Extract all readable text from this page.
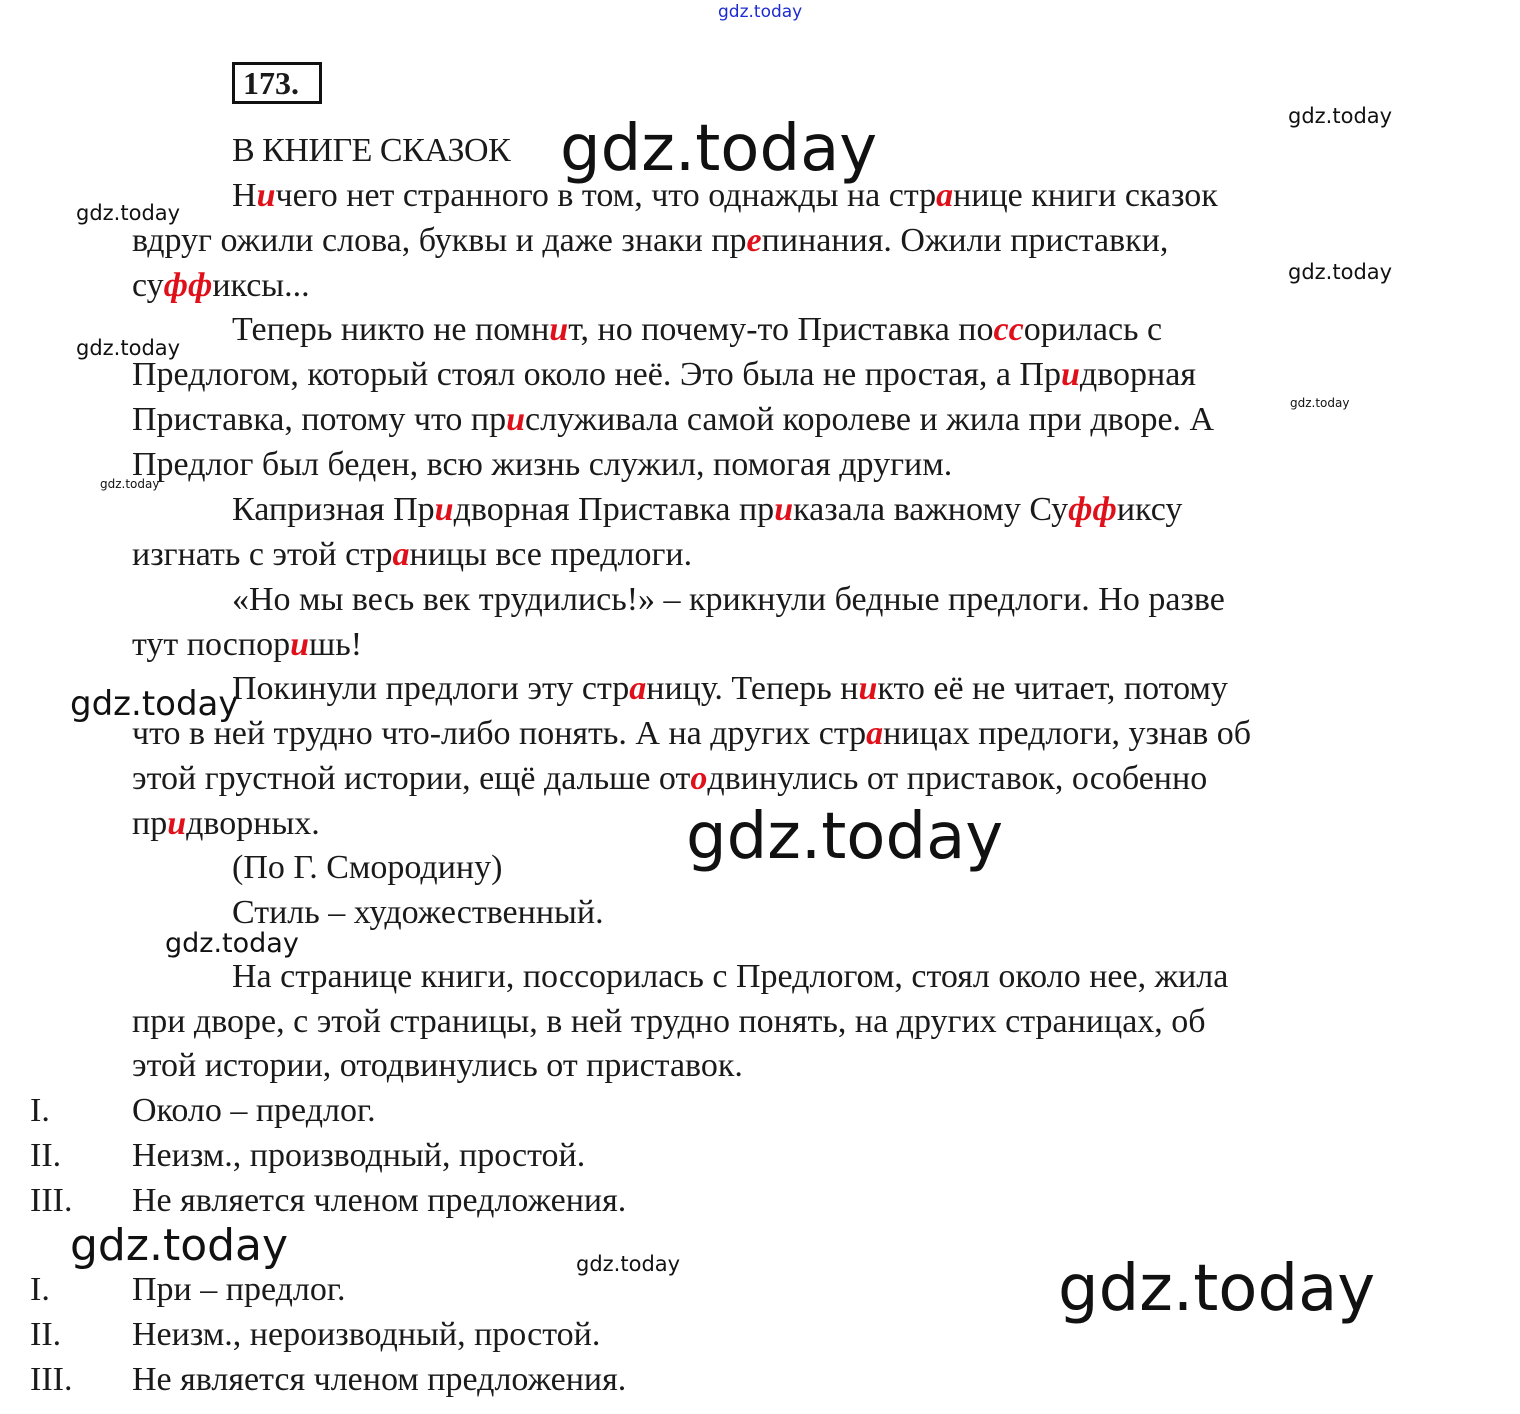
gdz.today
gdz.today
gdz.today
gdz.today
gdz.today
gdz.today
gdz.today
gdz.today
gdz.today
gdz.today
gdz.today
gdz.today	gdz.today	gdz.today
173.
В КНИГЕ СКАЗОК
Ничего нет странного в том, что однажды на странице книги сказок
вдруг ожили слова, буквы и даже знаки препинания. Ожили приставки,
суффиксы...
Теперь никто не помнит, но почему-то Приставка поссорилась с
Предлогом, который стоял около неё. Это была не простая, а Придворная
Приставка, потому что прислуживала самой королеве и жила при дворе. А
Предлог был беден, всю жизнь служил, помогая другим.
Капризная Придворная Приставка приказала важному Суффиксу
изгнать с этой страницы все предлоги.
«Но мы весь век трудились!» – крикнули бедные предлоги. Но разве
тут поспоришь!
Покинули предлоги эту страницу. Теперь никто её не читает, потому
что в ней трудно что-либо понять. А на других страницах предлоги, узнав об
этой грустной истории, ещё дальше отодвинулись от приставок, особенно
придворных.
(По Г. Смородину)
Стиль – художественный.
На странице книги, поссорилась с Предлогом, стоял около нее, жила
при дворе, с этой страницы, в ней трудно понять, на других страницах, об
этой истории, отодвинулись от приставок.
I. Около – предлог.
II. Неизм., производный, простой.
III. Не является членом предложения.
I. При – предлог.
II. Неизм., нероизводный, простой.
III. Не является членом предложения.
